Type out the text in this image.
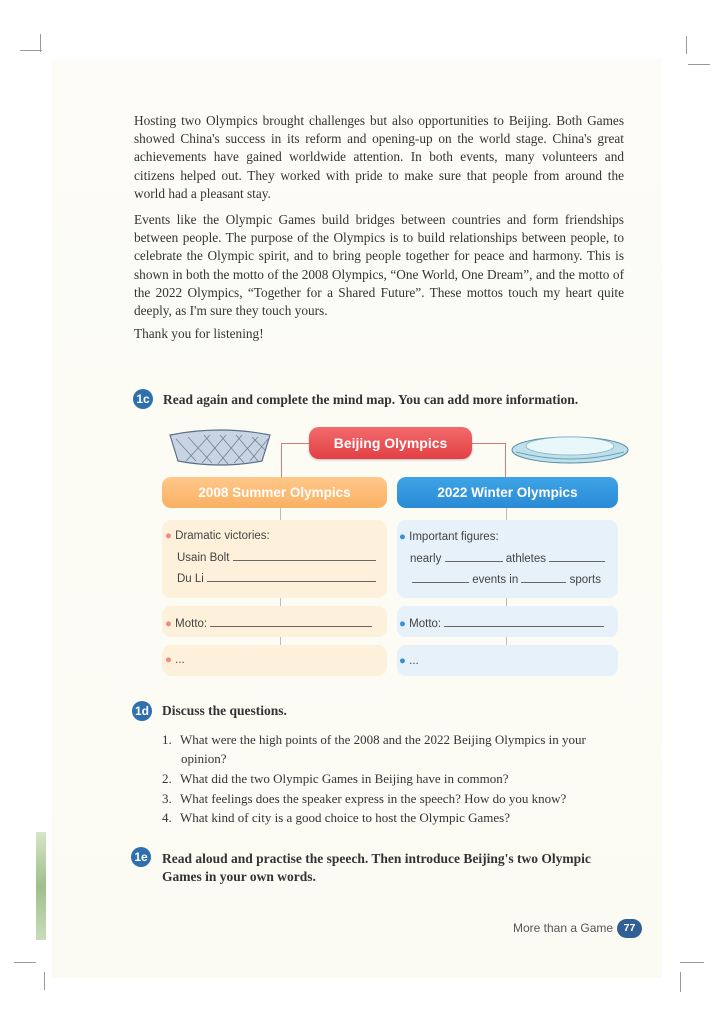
Hosting two Olympics brought challenges but also opportunities to Beijing. Both Games showed China's success in its reform and opening-up on the world stage. China's great achievements have gained worldwide attention. In both events, many volunteers and citizens helped out. They worked with pride to make sure that people from around the world had a pleasant stay.

Events like the Olympic Games build bridges between countries and form friendships between people. The purpose of the Olympics is to build relationships between people, to celebrate the Olympic spirit, and to bring people together for peace and harmony. This is shown in both the motto of the 2008 Olympics, “One World, One Dream”, and the motto of the 2022 Olympics, “Together for a Shared Future”. These mottos touch my heart quite deeply, as I'm sure they touch yours.

Thank you for listening!

1c Read again and complete the mind map. You can add more information.
Beijing Olympics
2008 Summer Olympics	2022 Winter Olympics
● Dramatic victories:
Usain Bolt
Du Li
● Motto:
● ...
● Important figures:
nearly	athletes
events in	sports
● Motto:
● ...
1d Discuss the questions.
1. What were the high points of the 2008 and the 2022 Beijing Olympics in your
opinion?
2. What did the two Olympic Games in Beijing have in common?
3. What feelings does the speaker express in the speech? How do you know?
4. What kind of city is a good choice to host the Olympic Games?
1e Read aloud and practise the speech. Then introduce Beijing's two Olympic
Games in your own words.
More than a Game	77
